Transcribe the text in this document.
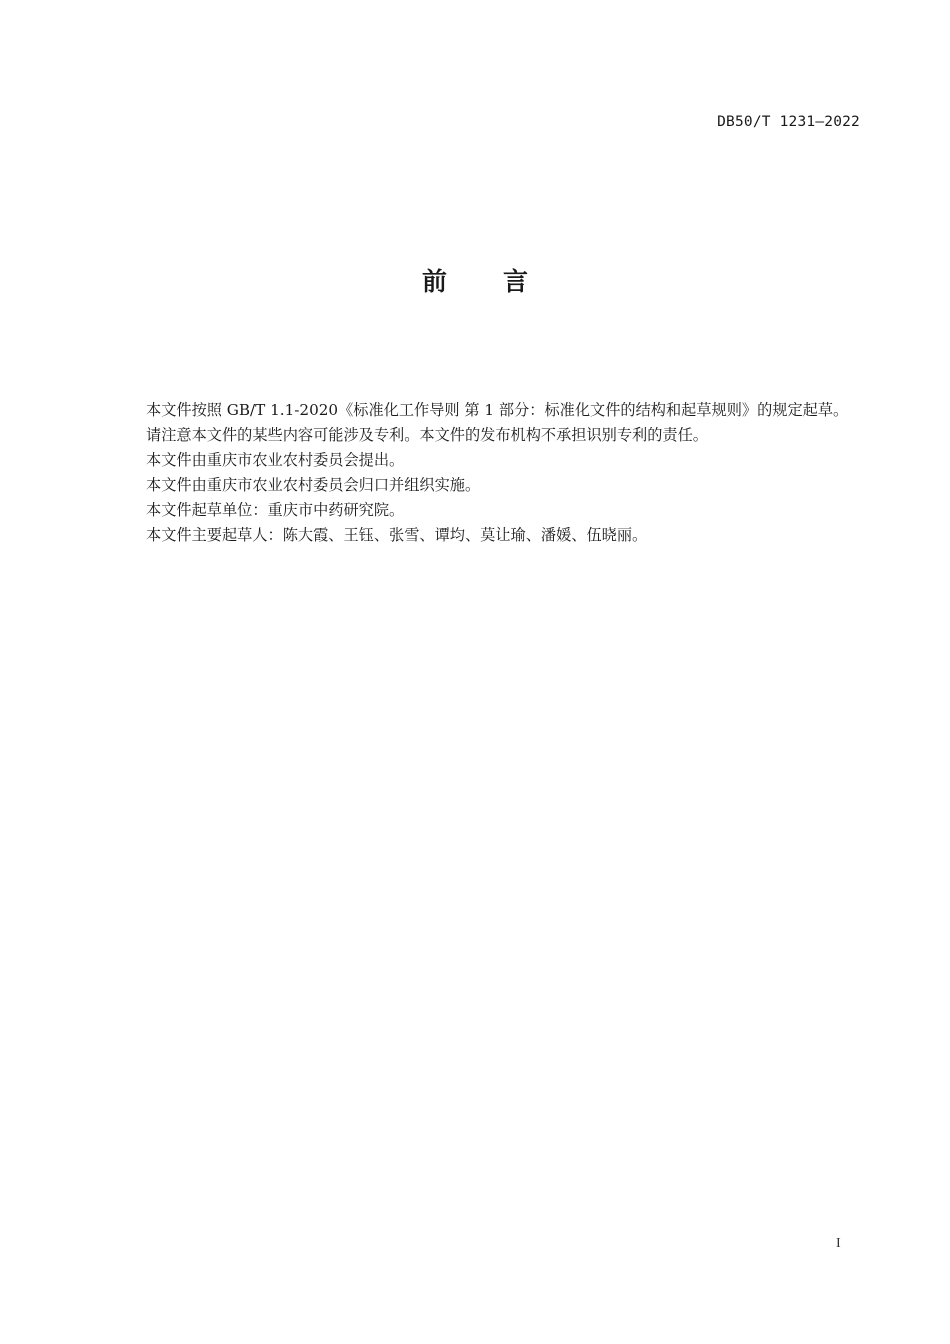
DB50/T 1231—2022
前言

本文件按照 GB/T 1.1-2020《标准化工作导则 第 1 部分：标准化文件的结构和起草规则》的规定起草。

请注意本文件的某些内容可能涉及专利。本文件的发布机构不承担识别专利的责任。

本文件由重庆市农业农村委员会提出。

本文件由重庆市农业农村委员会归口并组织实施。

本文件起草单位：重庆市中药研究院。

本文件主要起草人：陈大霞、王钰、张雪、谭均、莫让瑜、潘媛、伍晓丽。

I
